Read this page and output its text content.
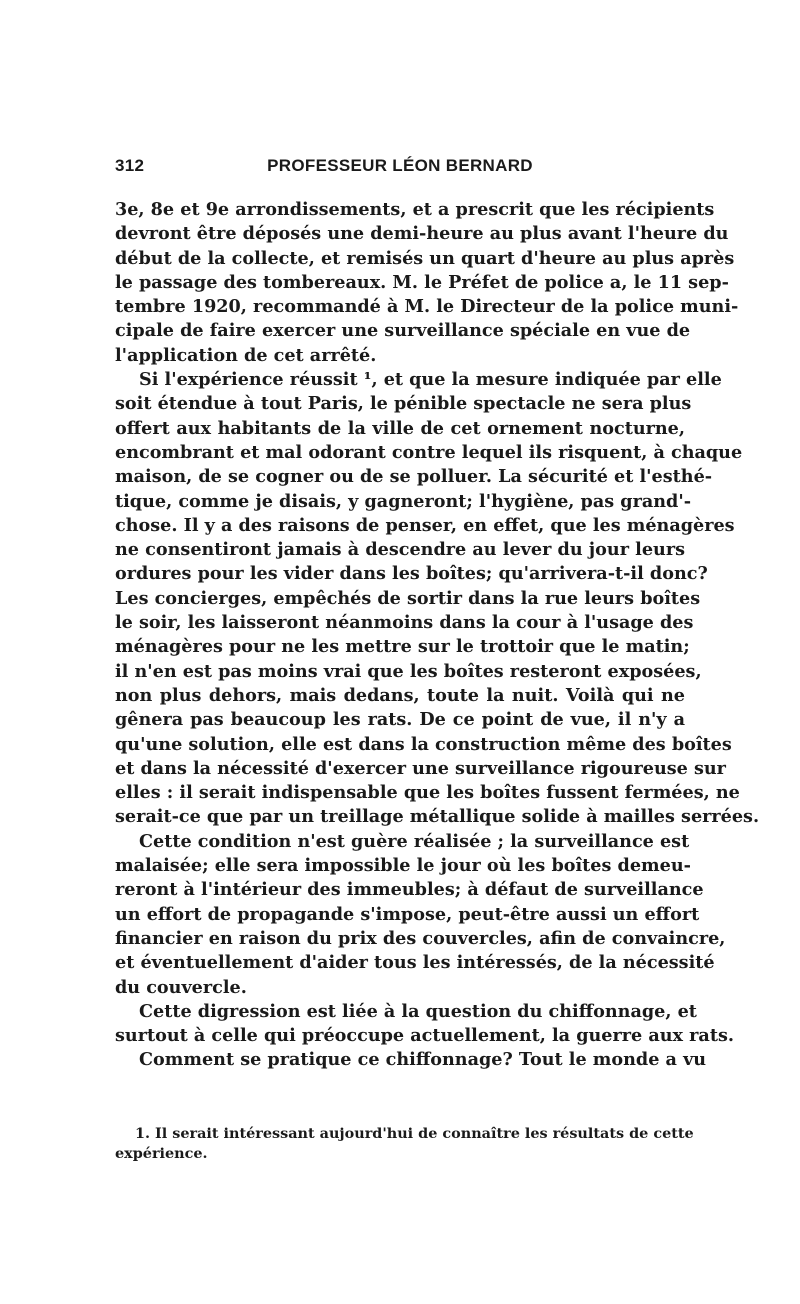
312	PROFESSEUR LÉON BERNARD
3e, 8e et 9e arrondissements, et a prescrit que les récipients
devront être déposés une demi-heure au plus avant l'heure du
début de la collecte, et remisés un quart d'heure au plus après
le passage des tombereaux. M. le Préfet de police a, le 11 sep-
tembre 1920, recommandé à M. le Directeur de la police muni-
cipale de faire exercer une surveillance spéciale en vue de
l'application de cet arrêté.
Si l'expérience réussit ¹, et que la mesure indiquée par elle
soit étendue à tout Paris, le pénible spectacle ne sera plus
offert aux habitants de la ville de cet ornement nocturne,
encombrant et mal odorant contre lequel ils risquent, à chaque
maison, de se cogner ou de se polluer. La sécurité et l'esthé-
tique, comme je disais, y gagneront; l'hygiène, pas grand'-
chose. Il y a des raisons de penser, en effet, que les ménagères
ne consentiront jamais à descendre au lever du jour leurs
ordures pour les vider dans les boîtes; qu'arrivera-t-il donc?
Les concierges, empêchés de sortir dans la rue leurs boîtes
le soir, les laisseront néanmoins dans la cour à l'usage des
ménagères pour ne les mettre sur le trottoir que le matin;
il n'en est pas moins vrai que les boîtes resteront exposées,
non plus dehors, mais dedans, toute la nuit. Voilà qui ne
gênera pas beaucoup les rats. De ce point de vue, il n'y a
qu'une solution, elle est dans la construction même des boîtes
et dans la nécessité d'exercer une surveillance rigoureuse sur
elles : il serait indispensable que les boîtes fussent fermées, ne
serait-ce que par un treillage métallique solide à mailles serrées.
Cette condition n'est guère réalisée ; la surveillance est
malaisée; elle sera impossible le jour où les boîtes demeu-
reront à l'intérieur des immeubles; à défaut de surveillance
un effort de propagande s'impose, peut-être aussi un effort
financier en raison du prix des couvercles, afin de convaincre,
et éventuellement d'aider tous les intéressés, de la nécessité
du couvercle.
Cette digression est liée à la question du chiffonnage, et
surtout à celle qui préoccupe actuellement, la guerre aux rats.
Comment se pratique ce chiffonnage? Tout le monde a vu
1. Il serait intéressant aujourd'hui de connaître les résultats de cette
expérience.
